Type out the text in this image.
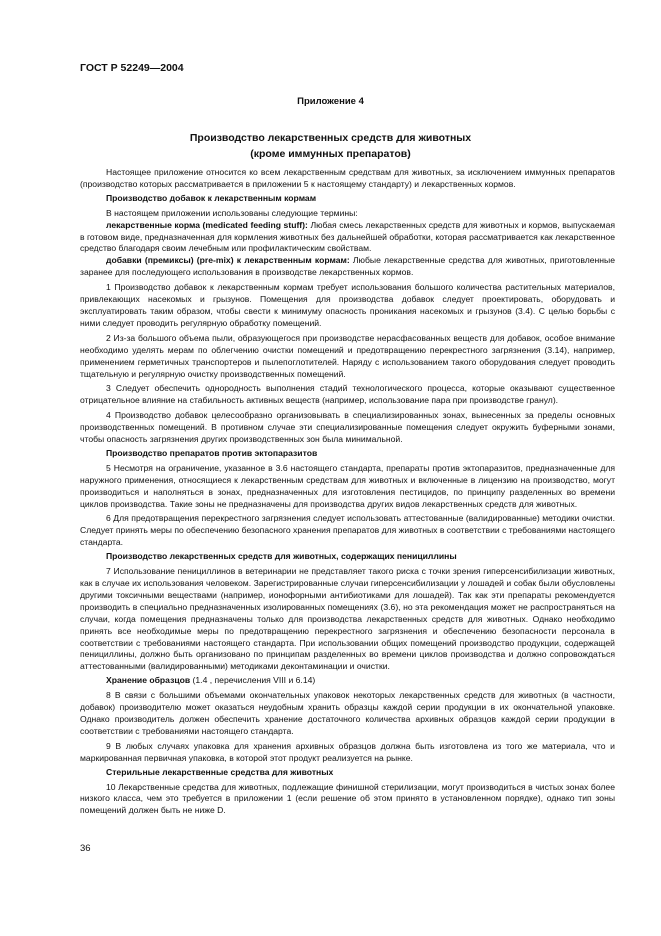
ГОСТ Р 52249—2004
Приложение 4
Производство лекарственных средств для животных
(кроме иммунных препаратов)

Настоящее приложение относится ко всем лекарственным средствам для животных, за исключением иммунных препаратов (производство которых рассматривается в приложении 5 к настоящему стандарту) и лекарственных кормов.

Производство добавок к лекарственным кормам

В настоящем приложении использованы следующие термины:

лекарственные корма (medicated feeding stuff): Любая смесь лекарственных средств для животных и кормов, выпускаемая в готовом виде, предназначенная для кормления животных без дальнейшей обработки, которая рассматривается как лекарственное средство благодаря своим лечебным или профилактическим свойствам.

добавки (премиксы) (pre-mix) к лекарственным кормам: Любые лекарственные средства для животных, приготовленные заранее для последующего использования в производстве лекарственных кормов.

1 Производство добавок к лекарственным кормам требует использования большого количества растительных материалов, привлекающих насекомых и грызунов. Помещения для производства добавок следует проектировать, оборудовать и эксплуатировать таким образом, чтобы свести к минимуму опасность проникания насекомых и грызунов (3.4). С целью борьбы с ними следует проводить регулярную обработку помещений.

2 Из-за большого объема пыли, образующегося при производстве нерасфасованных веществ для добавок, особое внимание необходимо уделять мерам по облегчению очистки помещений и предотвращению перекрестного загрязнения (3.14), например, применением герметичных транспортеров и пылепоглотителей. Наряду с использованием такого оборудования следует проводить тщательную и регулярную очистку производственных помещений.

3 Следует обеспечить однородность выполнения стадий технологического процесса, которые оказывают существенное отрицательное влияние на стабильность активных веществ (например, использование пара при производстве гранул).

4 Производство добавок целесообразно организовывать в специализированных зонах, вынесенных за пределы основных производственных помещений. В противном случае эти специализированные помещения следует окружить буферными зонами, чтобы опасность загрязнения других производственных зон была минимальной.

Производство препаратов против эктопаразитов

5 Несмотря на ограничение, указанное в 3.6 настоящего стандарта, препараты против эктопаразитов, предназначенные для наружного применения, относящиеся к лекарственным средствам для животных и включенные в лицензию на производство, могут производиться и наполняться в зонах, предназначенных для изготовления пестицидов, по принципу разделенных во времени циклов производства. Такие зоны не предназначены для производства других видов лекарственных средств для животных.

6 Для предотвращения перекрестного загрязнения следует использовать аттестованные (валидированные) методики очистки. Следует принять меры по обеспечению безопасного хранения препаратов для животных в соответствии с требованиями настоящего стандарта.

Производство лекарственных средств для животных, содержащих пенициллины

7 Использование пенициллинов в ветеринарии не представляет такого риска с точки зрения гиперсенсибилизации животных, как в случае их использования человеком. Зарегистрированные случаи гиперсенсибилизации у лошадей и собак были обусловлены другими токсичными веществами (например, ионофорными антибиотиками для лошадей). Так как эти препараты рекомендуется производить в специально предназначенных изолированных помещениях (3.6), но эта рекомендация может не распространяться на случаи, когда помещения предназначены только для производства лекарственных средств для животных. Однако необходимо принять все необходимые меры по предотвращению перекрестного загрязнения и обеспечению безопасности персонала в соответствии с требованиями настоящего стандарта. При использовании общих помещений производство продукции, содержащей пенициллины, должно быть организовано по принципам разделенных во времени циклов производства и должно сопровождаться аттестованными (валидированными) методиками деконтаминации и очистки.

Хранение образцов (1.4 , перечисления VIII и 6.14)

8 В связи с большими объемами окончательных упаковок некоторых лекарственных средств для животных (в частности, добавок) производителю может оказаться неудобным хранить образцы каждой серии продукции в их окончательной упаковке. Однако производитель должен обеспечить хранение достаточного количества архивных образцов каждой серии продукции в соответствии с требованиями настоящего стандарта.

9 В любых случаях упаковка для хранения архивных образцов должна быть изготовлена из того же материала, что и маркированная первичная упаковка, в которой этот продукт реализуется на рынке.

Стерильные лекарственные средства для животных

10 Лекарственные средства для животных, подлежащие финишной стерилизации, могут производиться в чистых зонах более низкого класса, чем это требуется в приложении 1 (если решение об этом принято в установленном порядке), однако тип зоны помещений должен быть не ниже D.

36
